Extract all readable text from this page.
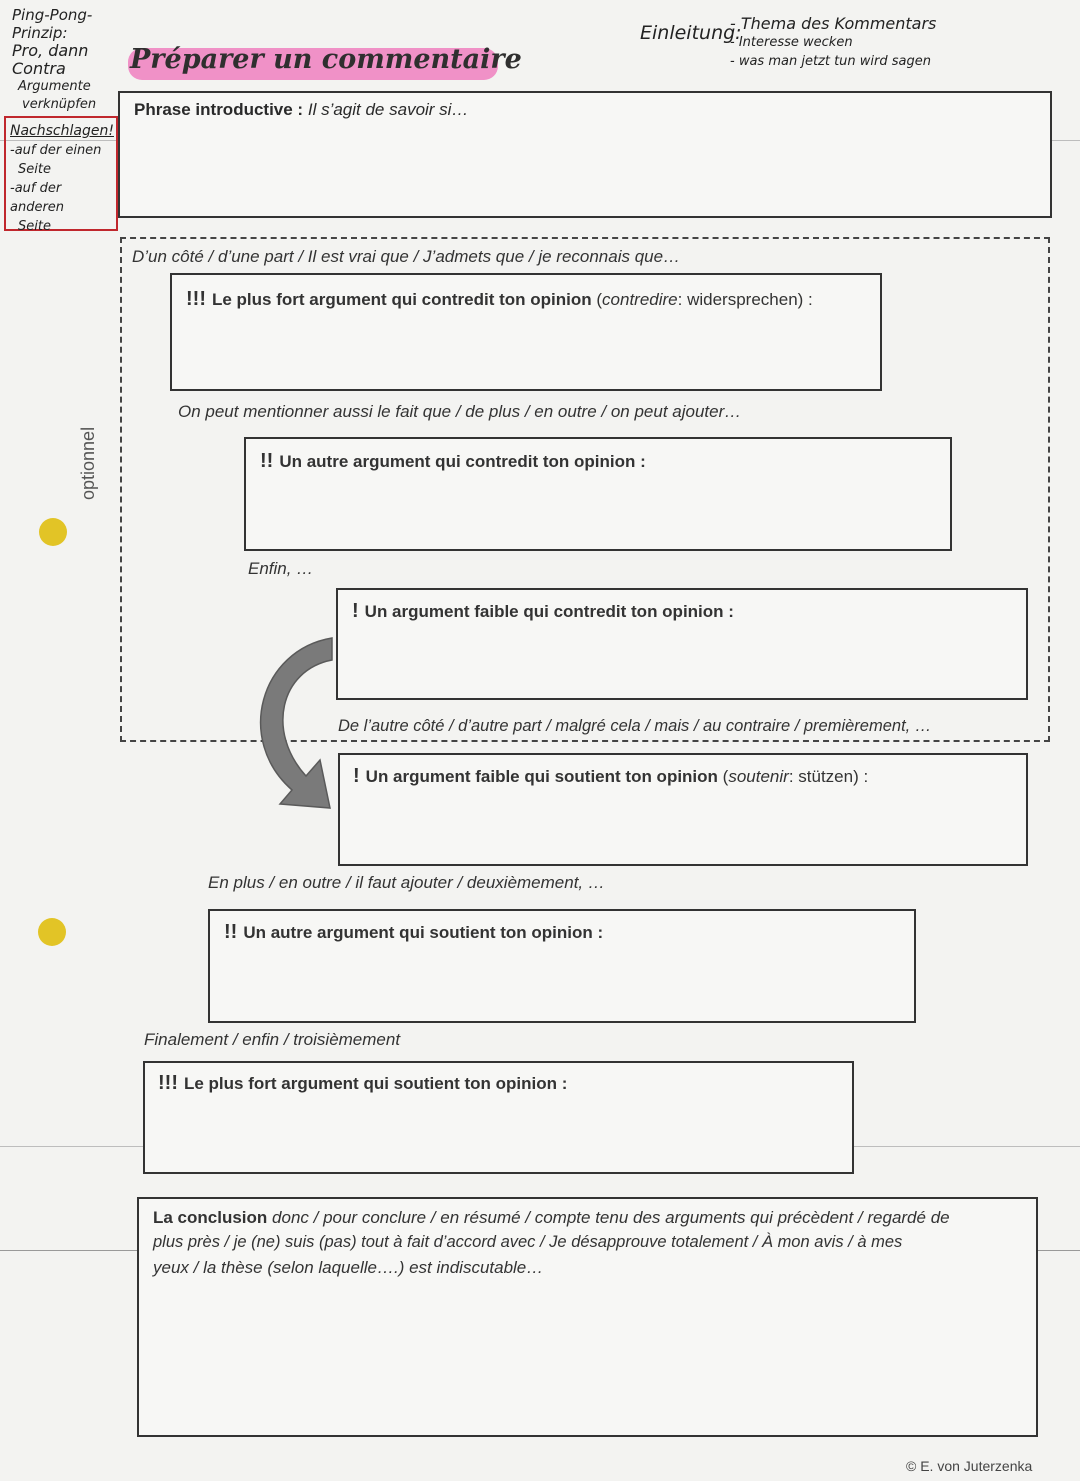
Ping-Pong-Prinzip:
Pro, dann Contra
Argumente
verknüpfen
Nachschlagen!
-auf der einen
Seite
-auf der anderen
Seite
Préparer un commentaire
Einleitung:
- Thema des Kommentars
- Interesse wecken
- was man jetzt tun wird sagen
Phrase introductive : Il s’agit de savoir si…
optionnel
D’un côté / d’une part / Il est vrai que / J’admets que / je reconnais que…
!!! Le plus fort argument qui contredit ton opinion (contredire: widersprechen) :
On peut mentionner aussi le fait que / de plus / en outre / on peut ajouter…
!! Un autre argument qui contredit ton opinion :
Enfin, …
! Un argument faible qui contredit ton opinion :
De l’autre côté / d’autre part / malgré cela / mais / au contraire / premièrement, …
! Un argument faible qui soutient ton opinion (soutenir: stützen) :
En plus / en outre / il faut ajouter / deuxièmement, …
!! Un autre argument qui soutient ton opinion :
Finalement / enfin / troisièmement
!!! Le plus fort argument qui soutient ton opinion :
La conclusion donc / pour conclure / en résumé / compte tenu des arguments qui précèdent / regardé de
plus près / je (ne) suis (pas) tout à fait d’accord avec / Je désapprouve totalement / À mon avis / à mes
yeux / la thèse (selon laquelle….) est indiscutable…
© E. von Juterzenka
